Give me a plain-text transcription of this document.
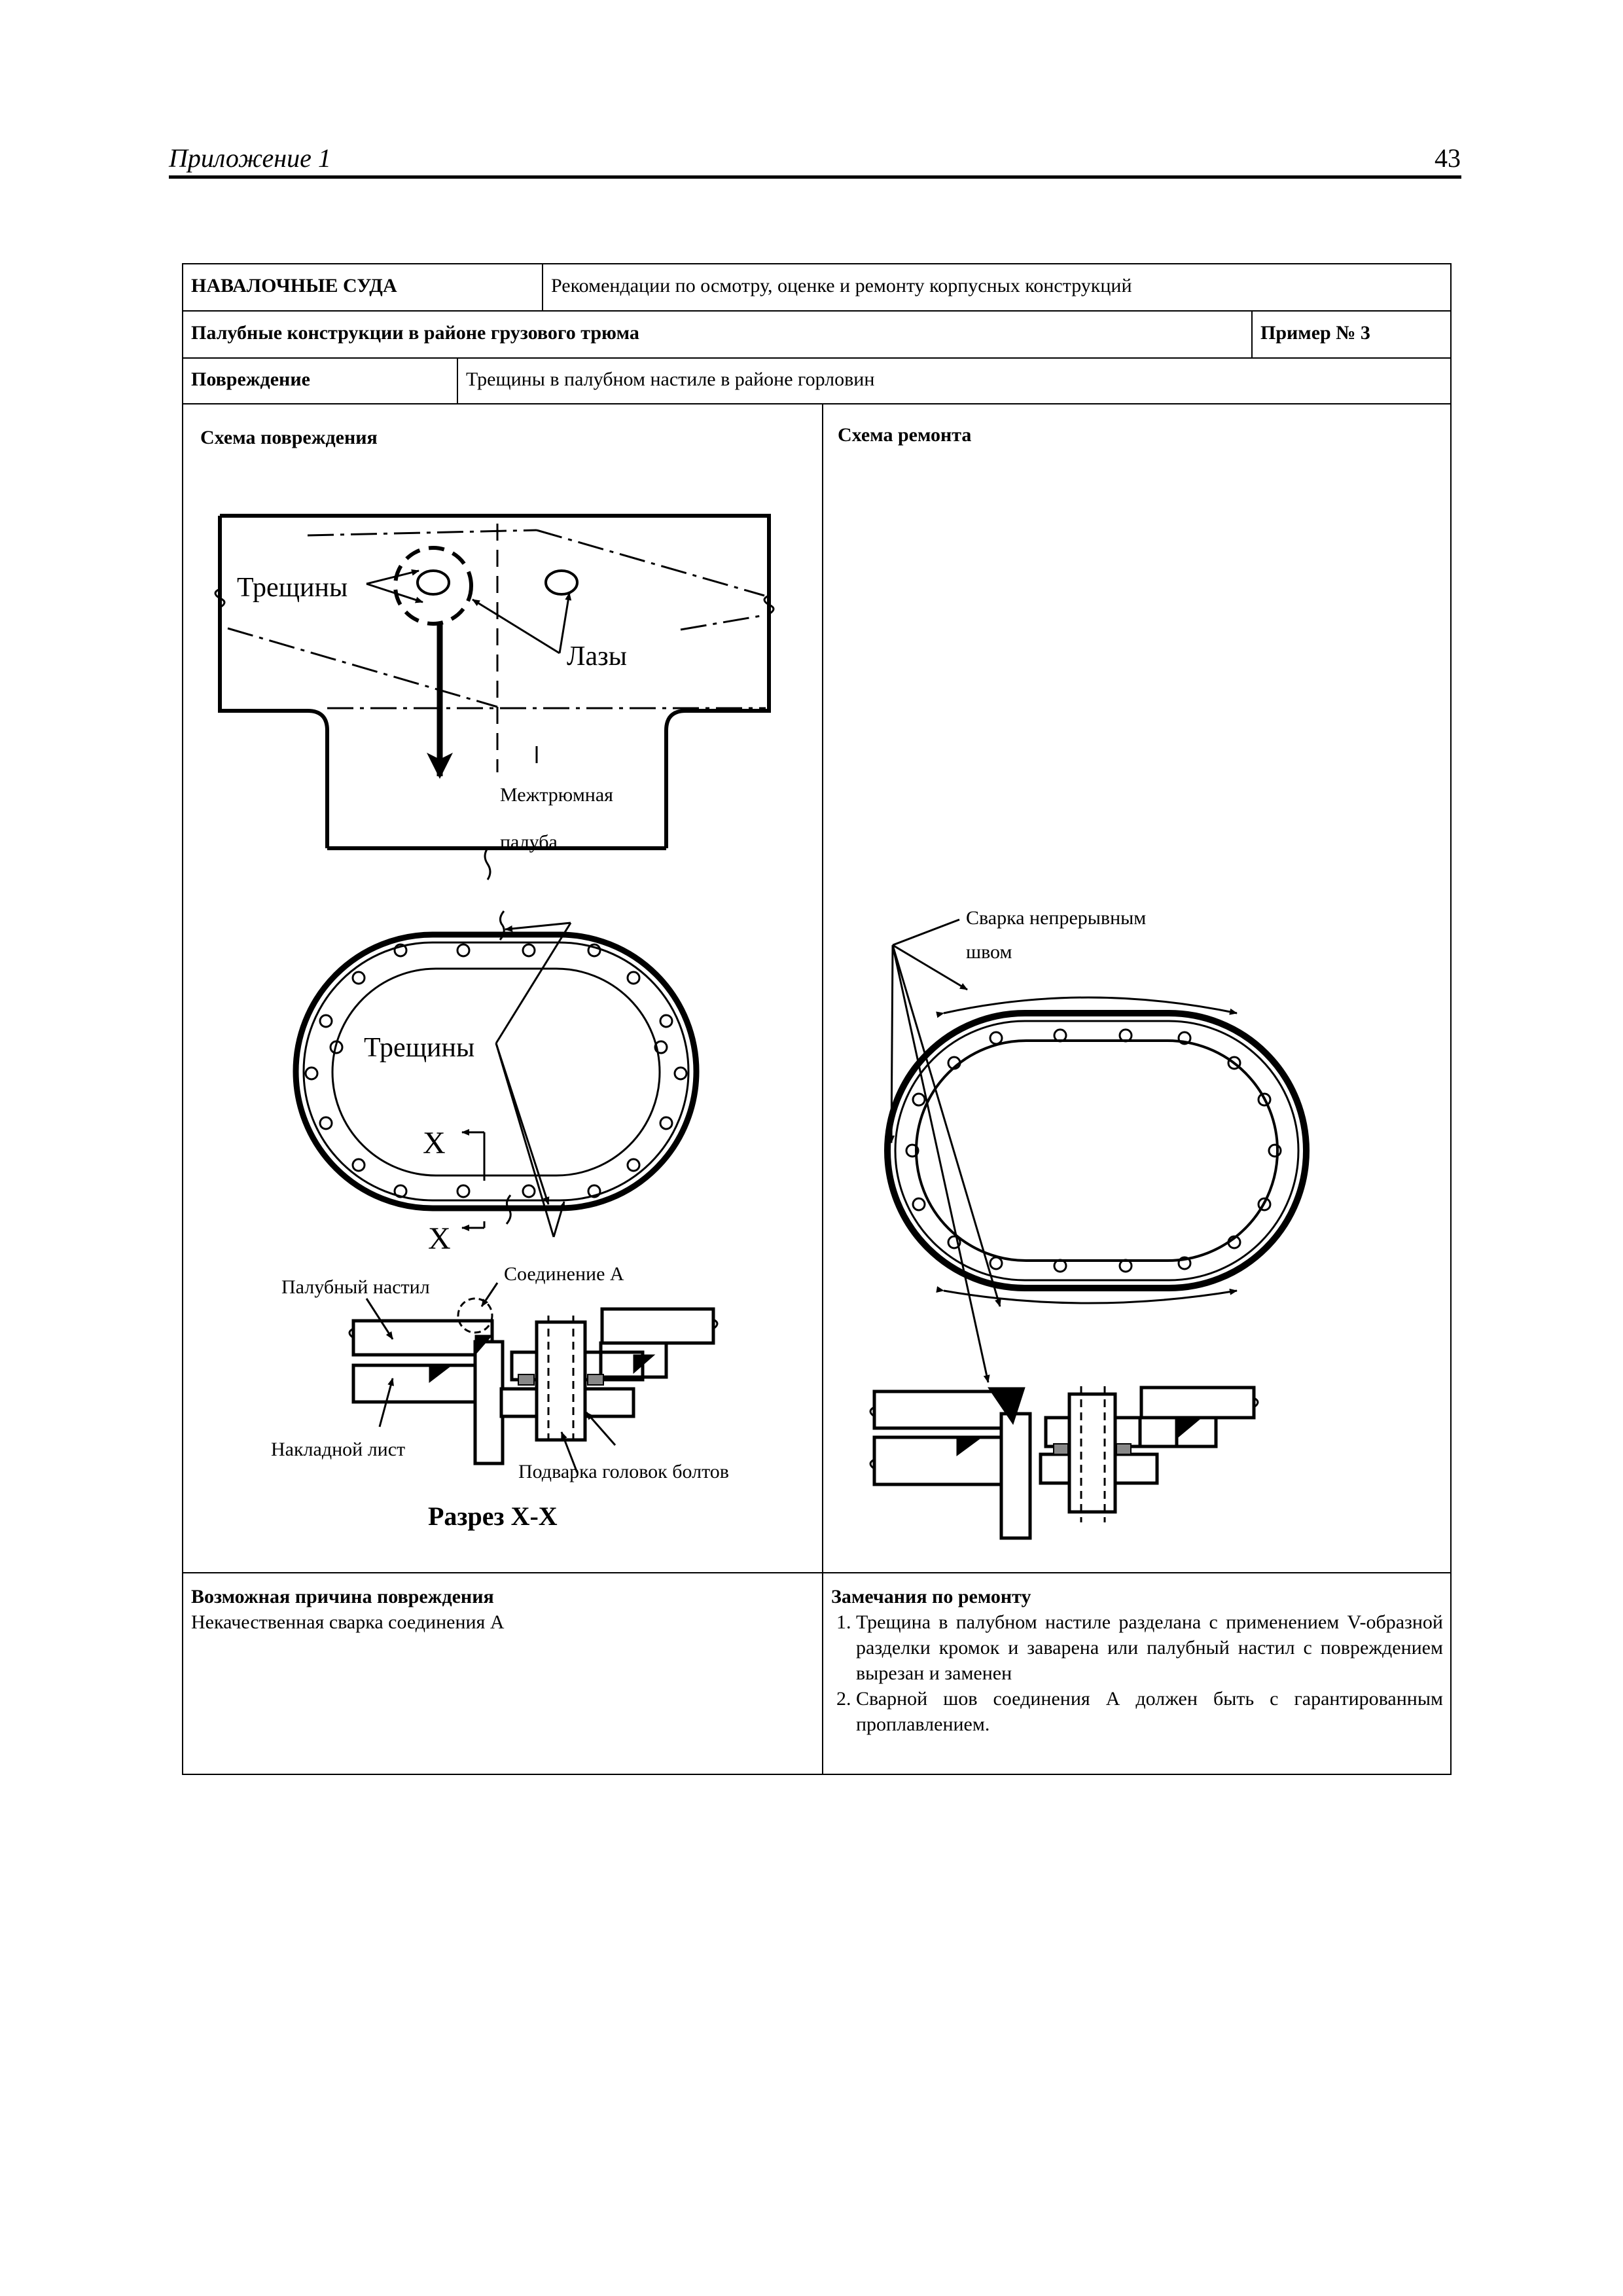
Приложение 1	43
НАВАЛОЧНЫЕ СУДА	Рекомендации по осмотру, оценке и ремонту корпусных конструкций
Палубные конструкции в районе грузового трюма	Пример № 3
Повреждение	Трещины в палубном настиле в районе горловин
Схема повреждения	Схема ремонта
Возможная причина повреждения
Некачественная сварка соединения А
Замечания по ремонту
1. Трещина в палубном настиле разделана с применением V-образной разделки кромок и заварена или палубный настил с повреждением вырезан и заменен
2. Сварной шов соединения А должен быть с гарантированным проплавлением.
Трещины
Лазы
Межтрюмная
палуба
Трещины
X
X
Палубный настил
Соединение А
Накладной лист
Подварка головок болтов
Разрез X-X
Сварка непрерывным
швом
